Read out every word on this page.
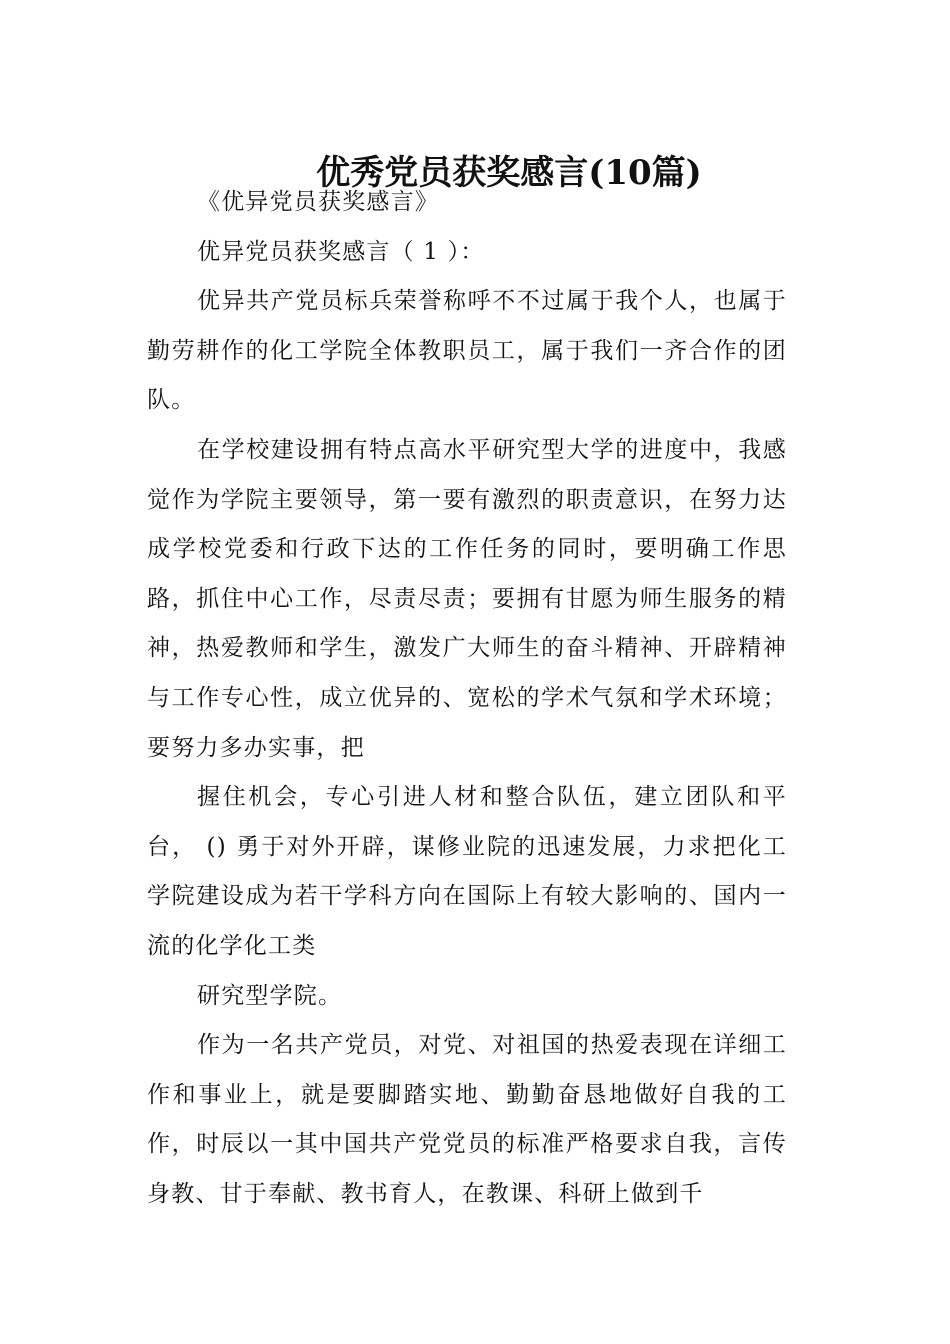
优秀党员获奖感言(10篇)

《优异党员获奖感言》

优异党员获奖感言（ 1 ）：

优异共产党员标兵荣誉称呼不不过属于我个人，也属于勤劳耕作的化工学院全体教职员工，属于我们一齐合作的团队。

在学校建设拥有特点高水平研究型大学的进度中，我感觉作为学院主要领导，第一要有激烈的职责意识，在努力达成学校党委和行政下达的工作任务的同时，要明确工作思路，抓住中心工作，尽责尽责；要拥有甘愿为师生服务的精神，热爱教师和学生，激发广大师生的奋斗精神、开辟精神与工作专心性，成立优异的、宽松的学术气氛和学术环境；要努力多办实事，把

握住机会，专心引进人材和整合队伍，建立团队和平台， () 勇于对外开辟，谋修业院的迅速发展，力求把化工学院建设成为若干学科方向在国际上有较大影响的、国内一流的化学化工类

研究型学院。

作为一名共产党员，对党、对祖国的热爱表现在详细工作和事业上，就是要脚踏实地、勤勤奋恳地做好自我的工作，时辰以一其中国共产党党员的标准严格要求自我，言传身教、甘于奉献、教书育人，在教课、科研上做到千
